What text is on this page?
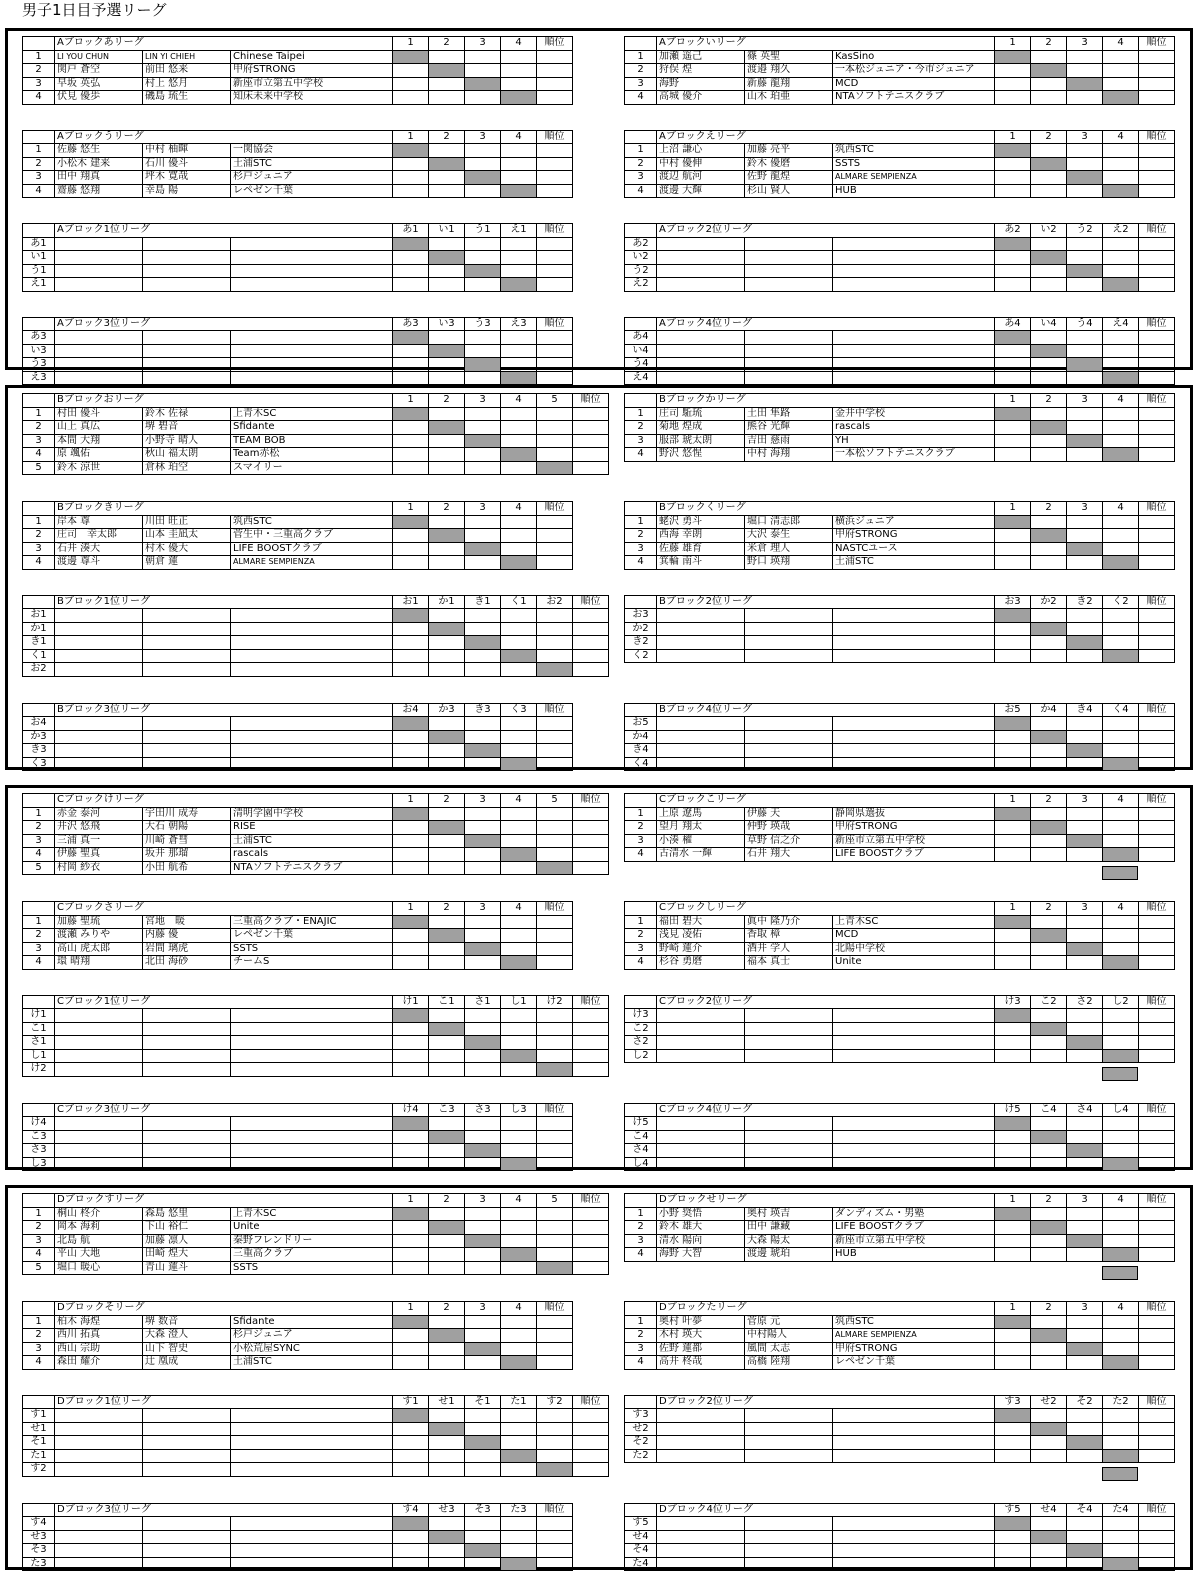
男子1日目予選リーグ
	Aブロックあリーグ			1	2	3	4	順位
1	LI YOU CHUN	LIN YI CHIEH	Chinese Taipei					
2	関戸 蒼空	前田 悠来	甲府STRONG					
3	早坂 英弘	村上 悠月	新座市立第五中学校					
4	伏見 優歩	磯島 琉生	知床未来中学校					
	Aブロックいリーグ			1	2	3	4	順位
1	加瀬 遥己	篠 英聖	KasSino					
2	狩俣 煌	渡邉 翔久	一本松ジュニア・今市ジュニア					
3	海野	新藤 龍翔	MCD					
4	高城 優介	山木 珀亜	NTAソフトテニスクラブ					
	Aブロックうリーグ			1	2	3	4	順位
1	佐藤 悠生	中村 柚暉	一関協会					
2	小松木 建来	石川 優斗	土浦STC					
3	田中 翔真	坪木 寛哉	杉戸ジュニア					
4	齋藤 悠翔	幸島 陽	レペゼン千葉					
	Aブロックえリーグ			1	2	3	4	順位
1	上沼 謙心	加藤 亮平	筑西STC					
2	中村 優伸	鈴木 優磨	SSTS					
3	渡辺 航河	佐野 龍煌	ALMARE SEMPIENZA					
4	渡邊 大輝	杉山 賢人	HUB					
	Aブロック1位リーグ			あ1	い1	う1	え1	順位
あ1								
い1								
う1								
え1								
	Aブロック2位リーグ			あ2	い2	う2	え2	順位
あ2								
い2								
う2								
え2								
	Aブロック3位リーグ			あ3	い3	う3	え3	順位
あ3								
い3								
う3								
え3								
	Aブロック4位リーグ			あ4	い4	う4	え4	順位
あ4								
い4								
う4								
え4								
	Bブロックおリーグ			1	2	3	4	5	順位
1	村田 優斗	鈴木 佐禄	上青木SC						
2	山上 真広	堺 碧音	Sfidante						
3	本間 大翔	小野寺 晴人	TEAM BOB						
4	原 颯佑	秋山 福太朗	Team赤松						
5	鈴木 涼世	倉林 珀空	スマイリー						
	Bブロックかリーグ			1	2	3	4	順位
1	庄司 駈琉	土田 隼路	金井中学校					
2	菊地 煌成	熊谷 光輝	rascals					
3	服部 琥太朗	吉田 慈雨	YH					
4	野沢 悠惺	中村 海翔	一本松ソフトテニスクラブ					
	Bブロックきリーグ			1	2	3	4	順位
1	岸本 尊	川田 旺正	筑西STC					
2	庄司　幸太郎	山本 圭凪太	菅生中・三重高クラブ					
3	石井 湊大	村木 優大	LIFE BOOSTクラブ					
4	渡邊 尊斗	朝倉 蓮	ALMARE SEMPIENZA					
	Bブロックくリーグ			1	2	3	4	順位
1	蛯沢 勇斗	堀口 清志郎	横浜ジュニア					
2	西海 幸朗	大沢 泰生	甲府STRONG					
3	佐藤 雄育	米倉 理人	NASTCユース					
4	箕輪 南斗	野口 瑛翔	土浦STC					
	Bブロック1位リーグ			お1	か1	き1	く1	お2	順位
お1									
か1									
き1									
く1									
お2									
	Bブロック2位リーグ			お3	か2	き2	く2	順位
お3								
か2								
き2								
く2								
	Bブロック3位リーグ			お4	か3	き3	く3	順位
お4								
か3								
き3								
く3								
	Bブロック4位リーグ			お5	か4	き4	く4	順位
お5								
か4								
き4								
く4								
	Cブロックけリーグ			1	2	3	4	5	順位
1	赤金 泰河	宇田川 成寿	清明学園中学校						
2	井沢 悠飛	大石 朝陽	RISE						
3	三浦 真一	川崎 蒼彗	土浦STC						
4	伊藤 聖真	坂井 那瑠	rascals						
5	村岡 紗衣	小田 航希	NTAソフトテニスクラブ						
	Cブロックこリーグ			1	2	3	4	順位
1	上原 遼馬	伊藤 天	静岡県選抜					
2	望月 翔太	仲野 瑛哉	甲府STRONG					
3	小湊 櫂	草野 信之介	新座市立第五中学校					
4	古清水 一輝	石井 翔大	LIFE BOOSTクラブ					
	Cブロックさリーグ			1	2	3	4	順位
1	加藤 聖琉	宮地　暖	三重高クラブ・ENAJIC					
2	渡瀬 みりや	内藤 優	レペゼン千葉					
3	高山 虎太郎	岩間 璃虎	SSTS					
4	環 晴翔	北田 海砂	チームS					
	Cブロックしリーグ			1	2	3	4	順位
1	福田 碧大	眞中 隆乃介	上青木SC					
2	浅見 凌佑	香取 樟	MCD					
3	野崎 蓮介	酒井 学人	北陽中学校					
4	杉谷 勇磨	福本 真士	Unite					
	Cブロック1位リーグ			け1	こ1	さ1	し1	け2	順位
け1									
こ1									
さ1									
し1									
け2									
	Cブロック2位リーグ			け3	こ2	さ2	し2	順位
け3								
こ2								
さ2								
し2								
	Cブロック3位リーグ			け4	こ3	さ3	し3	順位
け4								
こ3								
さ3								
し3								
	Cブロック4位リーグ			け5	こ4	さ4	し4	順位
け5								
こ4								
さ4								
し4								
	Dブロックすリーグ			1	2	3	4	5	順位
1	桐山 柊介	森島 悠里	上青木SC						
2	岡本 海莉	下山 裕仁	Unite						
3	北島 航	加藤 凛人	秦野フレンドリー						
4	平山 大地	田崎 煌大	三重高クラブ						
5	堀口 暖心	青山 蓮斗	SSTS						
	Dブロックせリーグ			1	2	3	4	順位
1	小野 奨悟	奥村 瑛吉	ダンディズム・男塾					
2	鈴木 雄大	田中 謙藏	LIFE BOOSTクラブ					
3	清水 陽向	大森 陽太	新座市立第五中学校					
4	海野 大智	渡邊 琥珀	HUB					
	Dブロックそリーグ			1	2	3	4	順位
1	柏木 海煌	堺 数音	Sfidante					
2	西川 拓真	大森 澄人	杉戸ジュニア					
3	西山 宗助	山下 智史	小松荒屋SYNC					
4	森田 耀介	辻 凰成	土浦STC					
	Dブロックたリーグ			1	2	3	4	順位
1	奥村 叶夢	菅原 元	筑西STC					
2	木村 瑛大	中村陽人	ALMARE SEMPIENZA					
3	佐野 蓮都	風間 太志	甲府STRONG					
4	高井 柊哉	高橋 陸翔	レペゼン千葉					
	Dブロック1位リーグ			す1	せ1	そ1	た1	す2	順位
す1									
せ1									
そ1									
た1									
す2									
	Dブロック2位リーグ			す3	せ2	そ2	た2	順位
す3								
せ2								
そ2								
た2								
	Dブロック3位リーグ			す4	せ3	そ3	た3	順位
す4								
せ3								
そ3								
た3								
	Dブロック4位リーグ			す5	せ4	そ4	た4	順位
す5								
せ4								
そ4								
た4								
